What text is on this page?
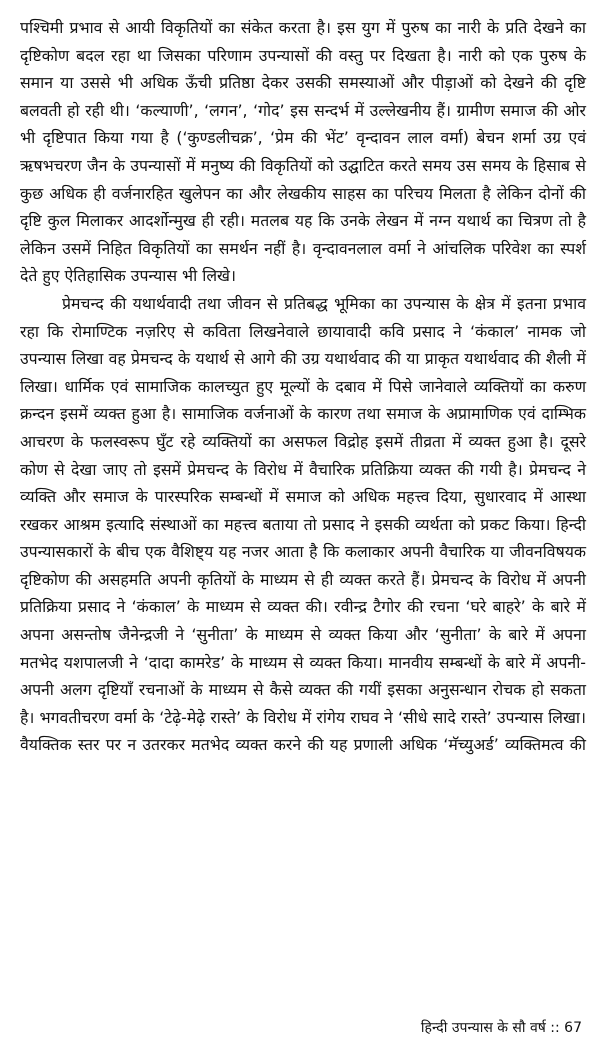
पश्चिमी प्रभाव से आयी विकृतियों का संकेत करता है। इस युग में पुरुष का नारी के प्रति देखने का दृष्टिकोण बदल रहा था जिसका परिणाम उपन्यासों की वस्तु पर दिखता है। नारी को एक पुरुष के समान या उससे भी अधिक ऊँची प्रतिष्ठा देकर उसकी समस्याओं और पीड़ाओं को देखने की दृष्टि बलवती हो रही थी। ‘कल्याणी’, ‘लगन’, ‘गोद’ इस सन्दर्भ में उल्लेखनीय हैं। ग्रामीण समाज की ओर भी दृष्टिपात किया गया है (‘कुण्डलीचक्र’, ‘प्रेम की भेंट’ वृन्दावन लाल वर्मा) बेचन शर्मा उग्र एवं ऋषभचरण जैन के उपन्यासों में मनुष्य की विकृतियों को उद्घाटित करते समय उस समय के हिसाब से कुछ अधिक ही वर्जनारहित खुलेपन का और लेखकीय साहस का परिचय मिलता है लेकिन दोनों की दृष्टि कुल मिलाकर आदर्शोन्मुख ही रही। मतलब यह कि उनके लेखन में नग्न यथार्थ का चित्रण तो है लेकिन उसमें निहित विकृतियों का समर्थन नहीं है। वृन्दावनलाल वर्मा ने आंचलिक परिवेश का स्पर्श देते हुए ऐतिहासिक उपन्यास भी लिखे।

प्रेमचन्द की यथार्थवादी तथा जीवन से प्रतिबद्ध भूमिका का उपन्यास के क्षेत्र में इतना प्रभाव रहा कि रोमाण्टिक नज़रिए से कविता लिखनेवाले छायावादी कवि प्रसाद ने ‘कंकाल’ नामक जो उपन्यास लिखा वह प्रेमचन्द के यथार्थ से आगे की उग्र यथार्थवाद की या प्राकृत यथार्थवाद की शैली में लिखा। धार्मिक एवं सामाजिक कालच्युत हुए मूल्यों के दबाव में पिसे जानेवाले व्यक्तियों का करुण क्रन्दन इसमें व्यक्त हुआ है। सामाजिक वर्जनाओं के कारण तथा समाज के अप्रामाणिक एवं दाम्भिक आचरण के फलस्वरूप घुँट रहे व्यक्तियों का असफल विद्रोह इसमें तीव्रता में व्यक्त हुआ है। दूसरे कोण से देखा जाए तो इसमें प्रेमचन्द के विरोध में वैचारिक प्रतिक्रिया व्यक्त की गयी है। प्रेमचन्द ने व्यक्ति और समाज के पारस्परिक सम्बन्धों में समाज को अधिक महत्त्व दिया, सुधारवाद में आस्था रखकर आश्रम इत्यादि संस्थाओं का महत्त्व बताया तो प्रसाद ने इसकी व्यर्थता को प्रकट किया। हिन्दी उपन्यासकारों के बीच एक वैशिष्ट्य यह नजर आता है कि कलाकार अपनी वैचारिक या जीवनविषयक दृष्टिकोण की असहमति अपनी कृतियों के माध्यम से ही व्यक्त करते हैं। प्रेमचन्द के विरोध में अपनी प्रतिक्रिया प्रसाद ने ‘कंकाल’ के माध्यम से व्यक्त की। रवीन्द्र टैगोर की रचना ‘घरे बाहरे’ के बारे में अपना असन्तोष जैनेन्द्रजी ने ‘सुनीता’ के माध्यम से व्यक्त किया और ‘सुनीता’ के बारे में अपना मतभेद यशपालजी ने ‘दादा कामरेड’ के माध्यम से व्यक्त किया। मानवीय सम्बन्धों के बारे में अपनी-अपनी अलग दृष्टियाँ रचनाओं के माध्यम से कैसे व्यक्त की गयीं इसका अनुसन्धान रोचक हो सकता है। भगवतीचरण वर्मा के ‘टेढ़े-मेढ़े रास्ते’ के विरोध में रांगेय राघव ने ‘सीधे सादे रास्ते’ उपन्यास लिखा। वैयक्तिक स्तर पर न उतरकर मतभेद व्यक्त करने की यह प्रणाली अधिक ‘मॅच्युअर्ड’ व्यक्तिमत्व की

हिन्दी उपन्यास के सौ वर्ष :: 67
